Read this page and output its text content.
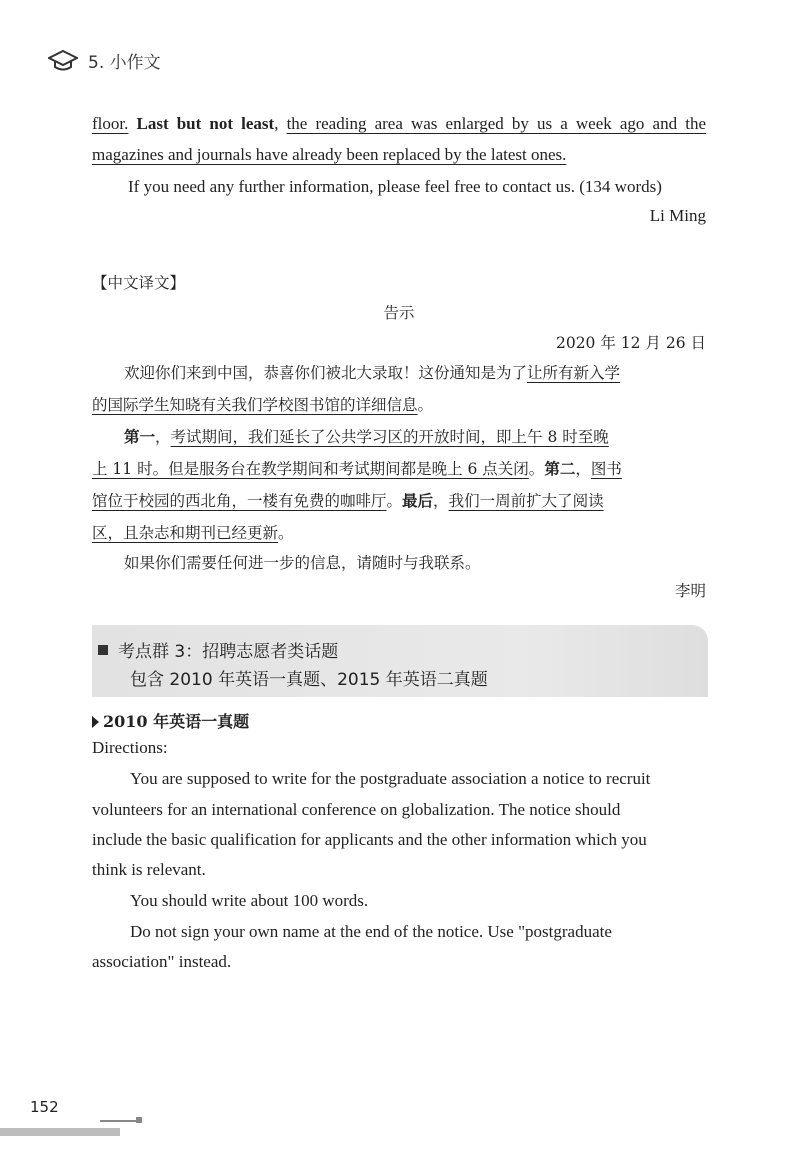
5. 小作文
floor. Last but not least, the reading area was enlarged by us a week ago and the
magazines and journals have already been replaced by the latest ones.
If you need any further information, please feel free to contact us. (134 words)
Li Ming
【中文译文】
告示
2020 年 12 月 26 日
欢迎你们来到中国，恭喜你们被北大录取！这份通知是为了让所有新入学
的国际学生知晓有关我们学校图书馆的详细信息。
第一，考试期间，我们延长了公共学习区的开放时间，即上午 8 时至晚
上 11 时。但是服务台在教学期间和考试期间都是晚上 6 点关闭。第二，图书
馆位于校园的西北角，一楼有免费的咖啡厅。最后，我们一周前扩大了阅读
区，且杂志和期刊已经更新。
如果你们需要任何进一步的信息，请随时与我联系。
李明
考点群 3：招聘志愿者类话题
包含 2010 年英语一真题、2015 年英语二真题
2010 年英语一真题
Directions:
You are supposed to write for the postgraduate association a notice to recruit
volunteers for an international conference on globalization. The notice should
include the basic qualification for applicants and the other information which you
think is relevant.
You should write about 100 words.
Do not sign your own name at the end of the notice. Use "postgraduate
association" instead.
152
